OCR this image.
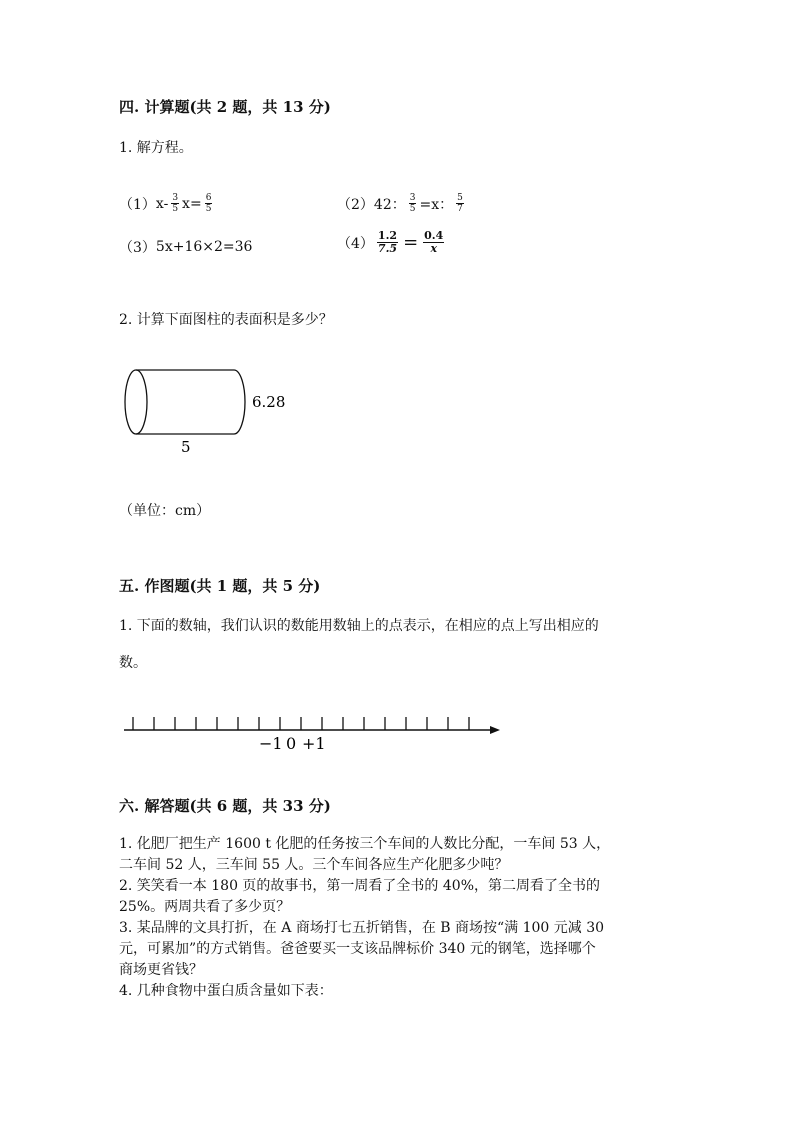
四. 计算题(共 2 题，共 13 分)
1. 解方程。
（1） $x- \frac{3}{5} x= \frac{6}{5}$	（2） 42： $\frac{3}{5} =x$： $\frac{5}{7}$
（3） 5x+16×2=36	$(4) \frac{1.2}{7.5} = \frac{0.4}{x}$
2. 计算下面图柱的表面积是多少？
6.28
5
（单位：cm）
五. 作图题(共 1 题，共 5 分)
1. 下面的数轴，我们认识的数能用数轴上的点表示，在相应的点上写出相应的
数。
−1 0 +1
六. 解答题(共 6 题，共 33 分)
1. 化肥厂把生产 1600 t 化肥的任务按三个车间的人数比分配，一车间 53 人，
二车间 52 人，三车间 55 人。三个车间各应生产化肥多少吨？
2. 笑笑看一本 180 页的故事书，第一周看了全书的 40%，第二周看了全书的
25%。两周共看了多少页？
3. 某品牌的文具打折，在 A 商场打七五折销售，在 B 商场按“满 100 元减 30
元，可累加”的方式销售。爸爸要买一支该品牌标价 340 元的钢笔，选择哪个
商场更省钱？
4. 几种食物中蛋白质含量如下表：
